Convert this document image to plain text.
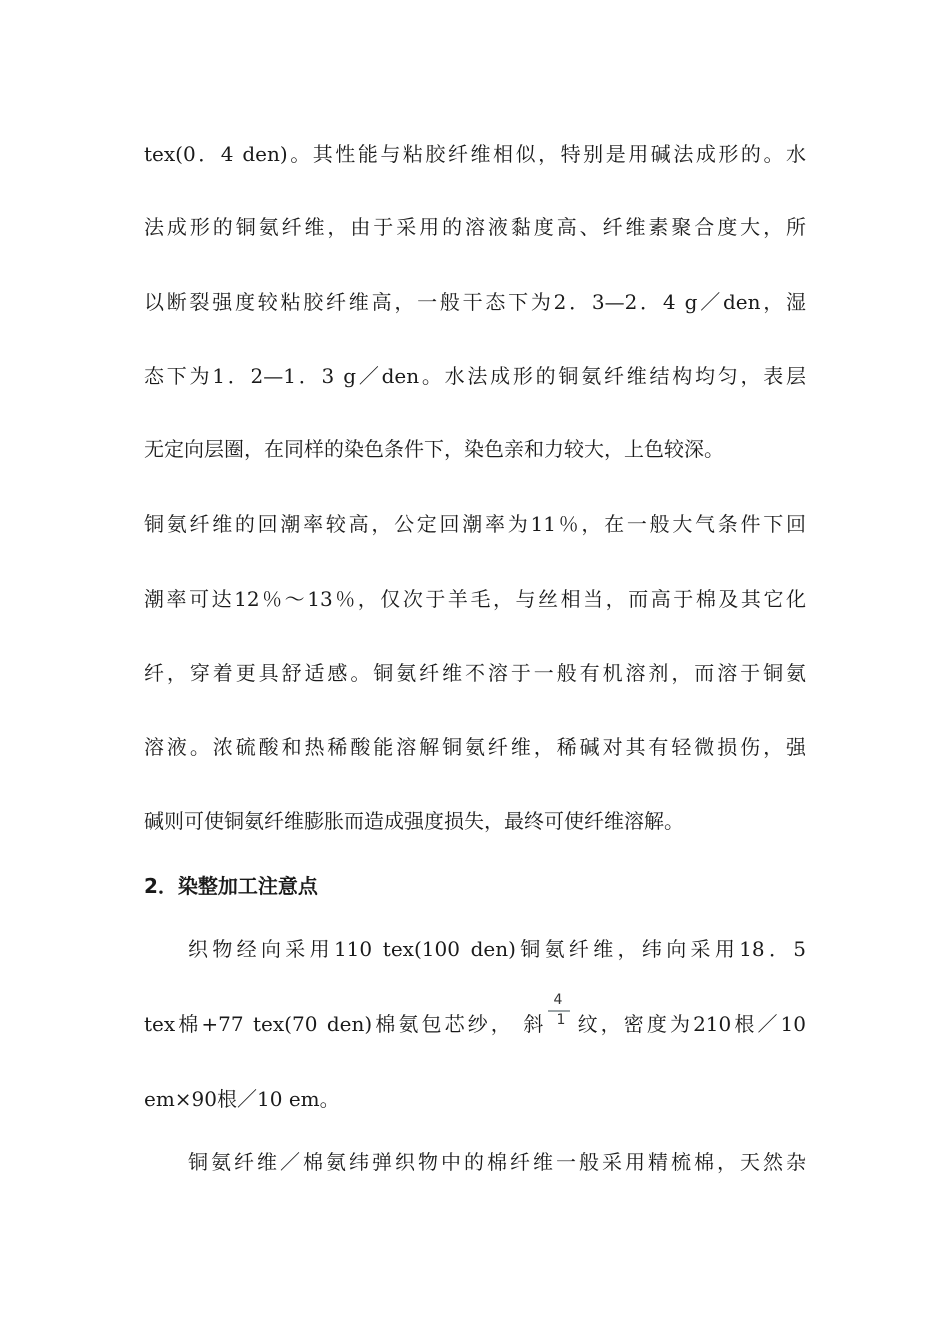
tex(0．4 den)。其性能与粘胶纤维相似，特别是用碱法成形的。水
法成形的铜氨纤维，由于采用的溶液黏度高、纤维素聚合度大，所
以断裂强度较粘胶纤维高，一般干态下为2．3—2．4 g／den，湿
态下为1．2—1．3 g／den。水法成形的铜氨纤维结构均匀，表层
无定向层圈，在同样的染色条件下，染色亲和力较大，上色较深。
铜氨纤维的回潮率较高，公定回潮率为11％，在一般大气条件下回
潮率可达12％～13％，仅次于羊毛，与丝相当，而高于棉及其它化
纤，穿着更具舒适感。铜氨纤维不溶于一般有机溶剂，而溶于铜氨
溶液。浓硫酸和热稀酸能溶解铜氨纤维，稀碱对其有轻微损伤，强
碱则可使铜氨纤维膨胀而造成强度损失，最终可使纤维溶解。
2．染整加工注意点
织物经向采用110 tex(100 den)铜氨纤维，纬向采用18．5
tex棉+77 tex(70 den)棉氨包芯纱， 斜 $\frac{4}{1}$ 纹，密度为210根／10
em×90根／10 em。
铜氨纤维／棉氨纬弹织物中的棉纤维一般采用精梳棉，天然杂
